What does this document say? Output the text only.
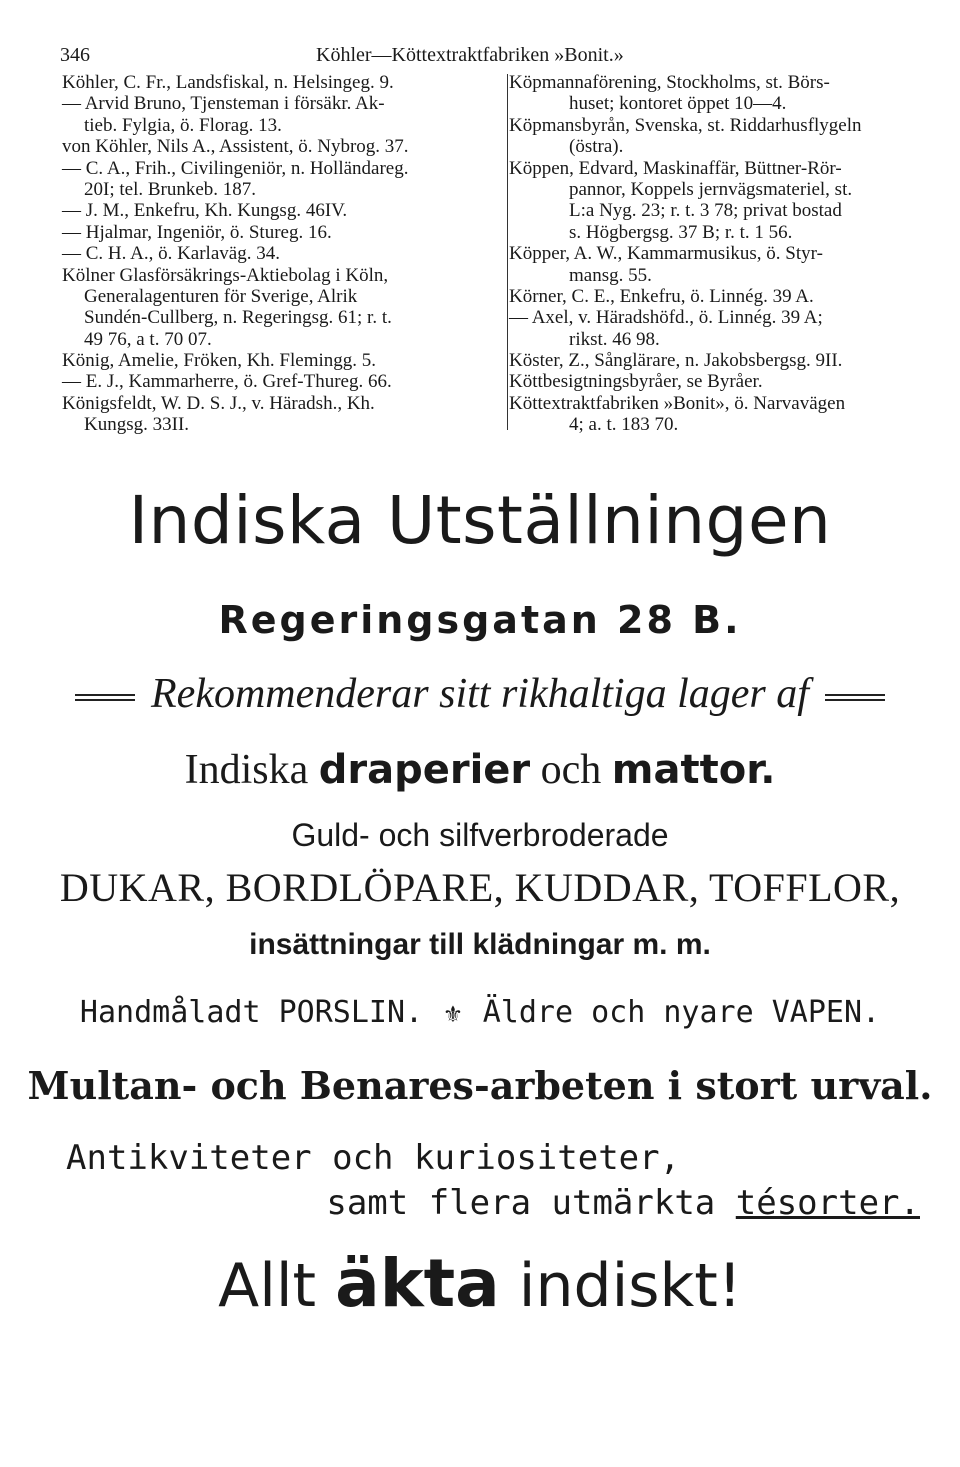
346	Köhler—Köttextraktfabriken »Bonit.»
Köhler, C. Fr., Landsfiskal, n. Helsingeg. 9.
— Arvid Bruno, Tjensteman i försäkr. Ak-
tieb. Fylgia, ö. Florag. 13.
von Köhler, Nils A., Assistent, ö. Nybrog. 37.
— C. A., Frih., Civilingeniör, n. Holländareg.
20I; tel. Brunkeb. 187.
— J. M., Enkefru, Kh. Kungsg. 46IV.
— Hjalmar, Ingeniör, ö. Stureg. 16.
— C. H. A., ö. Karlaväg. 34.
Kölner Glasförsäkrings-Aktiebolag i Köln,
Generalagenturen för Sverige, Alrik
Sundén-Cullberg, n. Regeringsg. 61; r. t.
49 76, a t. 70 07.
König, Amelie, Fröken, Kh. Flemingg. 5.
— E. J., Kammarherre, ö. Gref-Thureg. 66.
Königsfeldt, W. D. S. J., v. Häradsh., Kh.
Kungsg. 33II.
Köpmannaförening, Stockholms, st. Börs-
huset; kontoret öppet 10—4.
Köpmansbyrån, Svenska, st. Riddarhusflygeln
(östra).
Köppen, Edvard, Maskinaffär, Büttner-Rör-
pannor, Koppels jernvägsmateriel, st.
L:a Nyg. 23; r. t. 3 78; privat bostad
s. Högbergsg. 37 B; r. t. 1 56.
Köpper, A. W., Kammarmusikus, ö. Styr-
mansg. 55.
Körner, C. E., Enkefru, ö. Linnég. 39 A.
— Axel, v. Häradshöfd., ö. Linnég. 39 A;
rikst. 46 98.
Köster, Z., Sånglärare, n. Jakobsbergsg. 9II.
Köttbesigtningsbyråer, se Byråer.
Köttextraktfabriken »Bonit», ö. Narvavägen
4; a. t. 183 70.
Indiska Utställningen
Regeringsgatan 28 B.
Rekommenderar sitt rikhaltiga lager af
Indiska draperier och mattor.
Guld- och silfverbroderade
DUKAR, BORDLÖPARE, KUDDAR, TOFFLOR,
insättningar till klädningar m. m.
Handmåladt PORSLIN. ⚜ Äldre och nyare VAPEN.
Multan- och Benares-arbeten i stort urval.
Antikviteter och kuriositeter,
samt flera utmärkta tésorter.
Allt äkta indiskt!
